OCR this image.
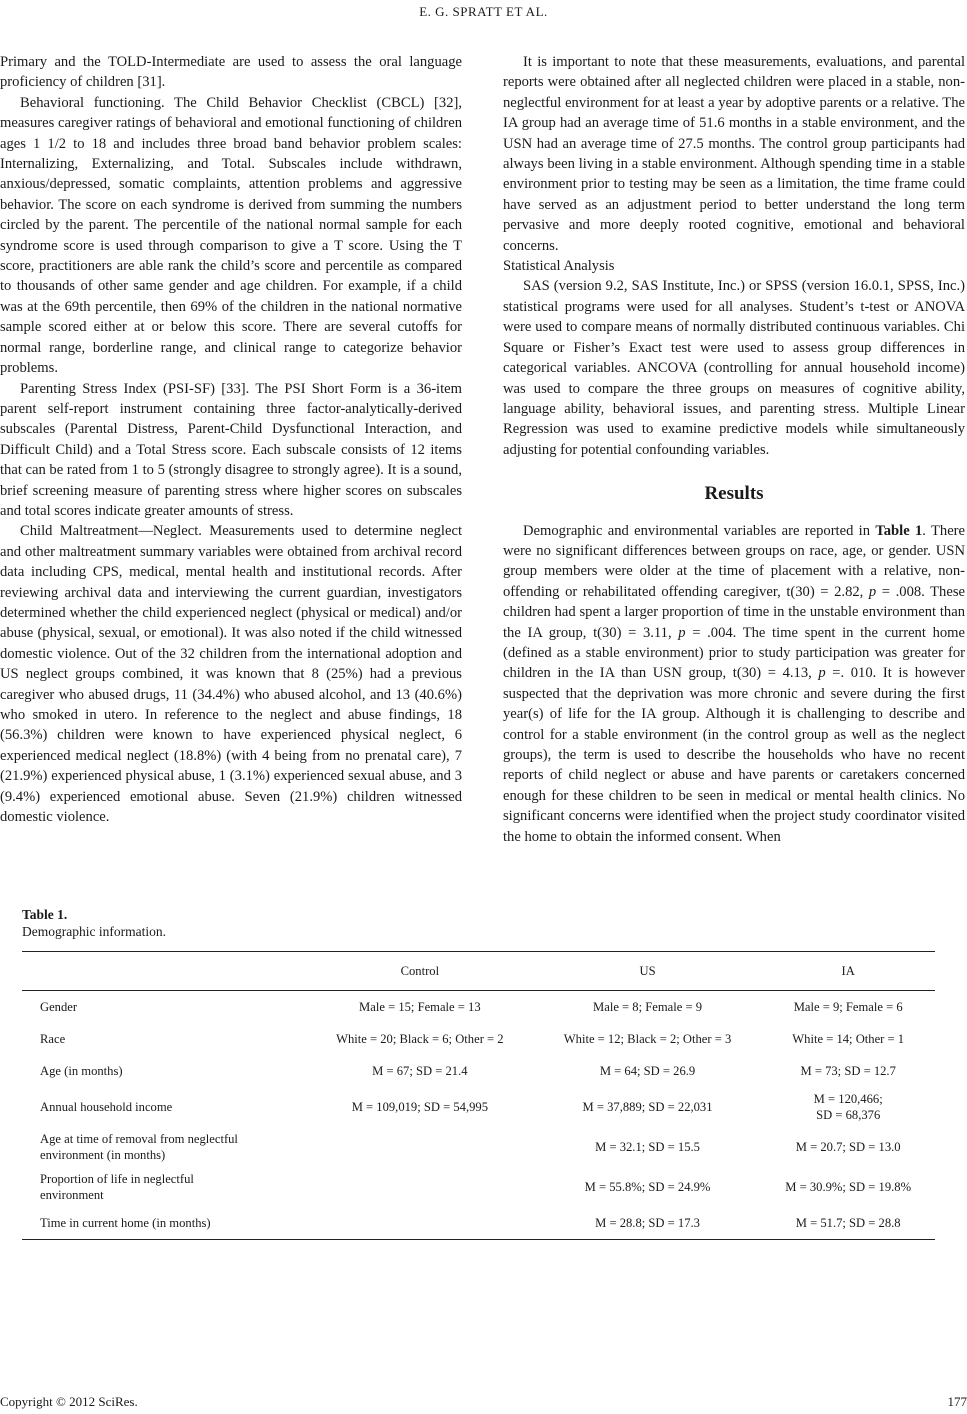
E. G. SPRATT ET AL.

Primary and the TOLD-Intermediate are used to assess the oral language proficiency of children [31].

Behavioral functioning. The Child Behavior Checklist (CBCL) [32], measures caregiver ratings of behavioral and emotional functioning of children ages 1 1/2 to 18 and includes three broad band behavior problem scales: Internalizing, Externalizing, and Total. Subscales include withdrawn, anxious/depressed, somatic complaints, attention problems and aggressive behavior. The score on each syndrome is derived from summing the numbers circled by the parent. The percentile of the national normal sample for each syndrome score is used through comparison to give a T score. Using the T score, practitioners are able rank the child’s score and percentile as compared to thousands of other same gender and age children. For example, if a child was at the 69th percentile, then 69% of the children in the national normative sample scored either at or below this score. There are several cutoffs for normal range, borderline range, and clinical range to categorize behavior problems.

Parenting Stress Index (PSI-SF) [33]. The PSI Short Form is a 36-item parent self-report instrument containing three factor-analytically-derived subscales (Parental Distress, Parent-Child Dysfunctional Interaction, and Difficult Child) and a Total Stress score. Each subscale consists of 12 items that can be rated from 1 to 5 (strongly disagree to strongly agree). It is a sound, brief screening measure of parenting stress where higher scores on subscales and total scores indicate greater amounts of stress.

Child Maltreatment—Neglect. Measurements used to determine neglect and other maltreatment summary variables were obtained from archival record data including CPS, medical, mental health and institutional records. After reviewing archival data and interviewing the current guardian, investigators determined whether the child experienced neglect (physical or medical) and/or abuse (physical, sexual, or emotional). It was also noted if the child witnessed domestic violence. Out of the 32 children from the international adoption and US neglect groups combined, it was known that 8 (25%) had a previous caregiver who abused drugs, 11 (34.4%) who abused alcohol, and 13 (40.6%) who smoked in utero. In reference to the neglect and abuse findings, 18 (56.3%) children were known to have experienced physical neglect, 6 experienced medical neglect (18.8%) (with 4 being from no prenatal care), 7 (21.9%) experienced physical abuse, 1 (3.1%) experienced sexual abuse, and 3 (9.4%) experienced emotional abuse. Seven (21.9%) children witnessed domestic violence.

It is important to note that these measurements, evaluations, and parental reports were obtained after all neglected children were placed in a stable, non-neglectful environment for at least a year by adoptive parents or a relative. The IA group had an average time of 51.6 months in a stable environment, and the USN had an average time of 27.5 months. The control group participants had always been living in a stable environment. Although spending time in a stable environment prior to testing may be seen as a limitation, the time frame could have served as an adjustment period to better understand the long term pervasive and more deeply rooted cognitive, emotional and behavioral concerns.

Statistical Analysis

SAS (version 9.2, SAS Institute, Inc.) or SPSS (version 16.0.1, SPSS, Inc.) statistical programs were used for all analyses. Student’s t-test or ANOVA were used to compare means of normally distributed continuous variables. Chi Square or Fisher’s Exact test were used to assess group differences in categorical variables. ANCOVA (controlling for annual household income) was used to compare the three groups on measures of cognitive ability, language ability, behavioral issues, and parenting stress. Multiple Linear Regression was used to examine predictive models while simultaneously adjusting for potential confounding variables.

Results

Demographic and environmental variables are reported in Table 1. There were no significant differences between groups on race, age, or gender. USN group members were older at the time of placement with a relative, non-offending or rehabilitated offending caregiver, t(30) = 2.82, p = .008. These children had spent a larger proportion of time in the unstable environment than the IA group, t(30) = 3.11, p = .004. The time spent in the current home (defined as a stable environment) prior to study participation was greater for children in the IA than USN group, t(30) = 4.13, p =. 010. It is however suspected that the deprivation was more chronic and severe during the first year(s) of life for the IA group. Although it is challenging to describe and control for a stable environment (in the control group as well as the neglect groups), the term is used to describe the households who have no recent reports of child neglect or abuse and have parents or caretakers concerned enough for these children to be seen in medical or mental health clinics. No significant concerns were identified when the project study coordinator visited the home to obtain the informed consent. When

Table 1.
Demographic information.
	Control	US	IA
Gender	Male = 15; Female = 13	Male = 8; Female = 9	Male = 9; Female = 6
Race	White = 20; Black = 6; Other = 2	White = 12; Black = 2; Other = 3	White = 14; Other = 1
Age (in months)	M = 67; SD = 21.4	M = 64; SD = 26.9	M = 73; SD = 12.7
Annual household income	M = 109,019; SD = 54,995	M = 37,889; SD = 22,031	M = 120,466;
SD = 68,376
Age at time of removal from neglectful
environment (in months)		M = 32.1; SD = 15.5	M = 20.7; SD = 13.0
Proportion of life in neglectful
environment		M = 55.8%; SD = 24.9%	M = 30.9%; SD = 19.8%
Time in current home (in months)		M = 28.8; SD = 17.3	M = 51.7; SD = 28.8
Copyright © 2012 SciRes.	177
